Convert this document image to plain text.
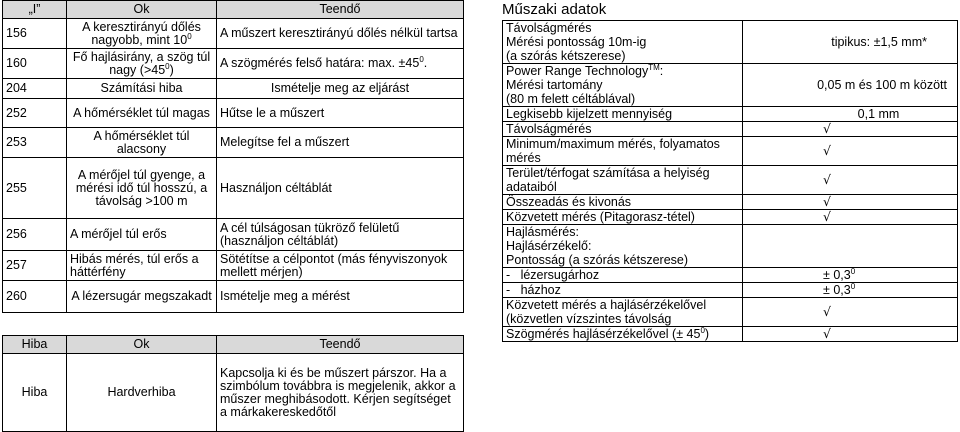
„I”	Ok	Teendő
156	A keresztirányú dőlés nagyobb, mint $10^0$	A műszert keresztirányú dőlés nélkül tartsa
160	Fő hajlásirány, a szög túl nagy $(>45^0)$	A szögmérés felső határa: max. $\pm 45^0$.
204	Számítási hiba	Ismételje meg az eljárást
252	A hőmérséklet túl magas	Hűtse le a műszert
253	A hőmérséklet túl alacsony	Melegítse fel a műszert
255	A mérőjel túl gyenge, a mérési idő túl hosszú, a távolság >100 m	Használjon céltáblát
256	A mérőjel túl erős	A cél túlságosan tükröző felületű (használjon céltáblát)
257	Hibás mérés, túl erős a háttérfény	Sötétítse a célpontot (más fényviszonyok mellett mérjen)
260	A lézersugár megszakadt	Ismételje meg a mérést
Hiba	Ok	Teendő
Hiba	Hardverhiba	Kapcsolja ki és be műszert párszor. Ha a szimbólum továbbra is megjelenik, akkor a műszer meghibásodott. Kérjen segítséget a márkakereskedőtől
Műszaki adatok
Távolságmérés
Mérési pontosság 10m-ig
(a szórás kétszerese)	tipikus: ±1,5 mm*
Power Range Technology™:
Mérési tartomány
(80 m felett céltáblával)	0,05 m és 100 m között
Legkisebb kijelzett mennyiség	0,1 mm
Távolságmérés	√
Minimum/maximum mérés, folyamatos mérés	√
Terület/térfogat számítása a helyiség adataiból	√
Összeadás és kivonás	√
Közvetett mérés (Pitagorasz-tétel)	√
Hajlásmérés:
Hajlásérzékelő:
Pontosság (a szórás kétszerese)	
-   lézersugárhoz	± $0,3^0$
-   házhoz	± $0,3^0$
Közvetett mérés a hajlásérzékelővel (közvetlen vízszintes távolság	√
Szögmérés hajlásérzékelővel (± $45^0$)	√
